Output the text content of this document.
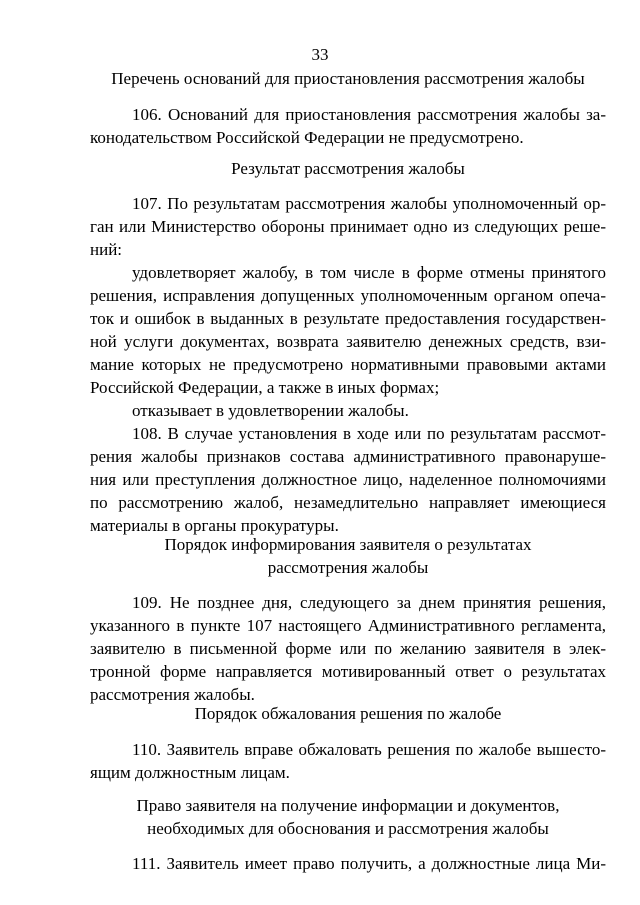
33
Перечень оснований для приостановления рассмотрения жалобы
106. Оснований для приостановления рассмотрения жалобы за-
конодательством Российской Федерации не предусмотрено.
Результат рассмотрения жалобы
107. По результатам рассмотрения жалобы уполномоченный ор-
ган или Министерство обороны принимает одно из следующих реше-
ний:
удовлетворяет жалобу, в том числе в форме отмены принятого
решения, исправления допущенных уполномоченным органом опеча-
ток и ошибок в выданных в результате предоставления государствен-
ной услуги документах, возврата заявителю денежных средств, взи-
мание которых не предусмотрено нормативными правовыми актами
Российской Федерации, а также в иных формах;
отказывает в удовлетворении жалобы.
108. В случае установления в ходе или по результатам рассмот-
рения жалобы признаков состава административного правонаруше-
ния или преступления должностное лицо, наделенное полномочиями
по рассмотрению жалоб, незамедлительно направляет имеющиеся
материалы в органы прокуратуры.
Порядок информирования заявителя о результатах
рассмотрения жалобы
109. Не позднее дня, следующего за днем принятия решения,
указанного в пункте 107 настоящего Административного регламента,
заявителю в письменной форме или по желанию заявителя в элек-
тронной форме направляется мотивированный ответ о результатах
рассмотрения жалобы.
Порядок обжалования решения по жалобе
110. Заявитель вправе обжаловать решения по жалобе вышесто-
ящим должностным лицам.
Право заявителя на получение информации и документов,
необходимых для обоснования и рассмотрения жалобы
111. Заявитель имеет право получить, а должностные лица Ми-
